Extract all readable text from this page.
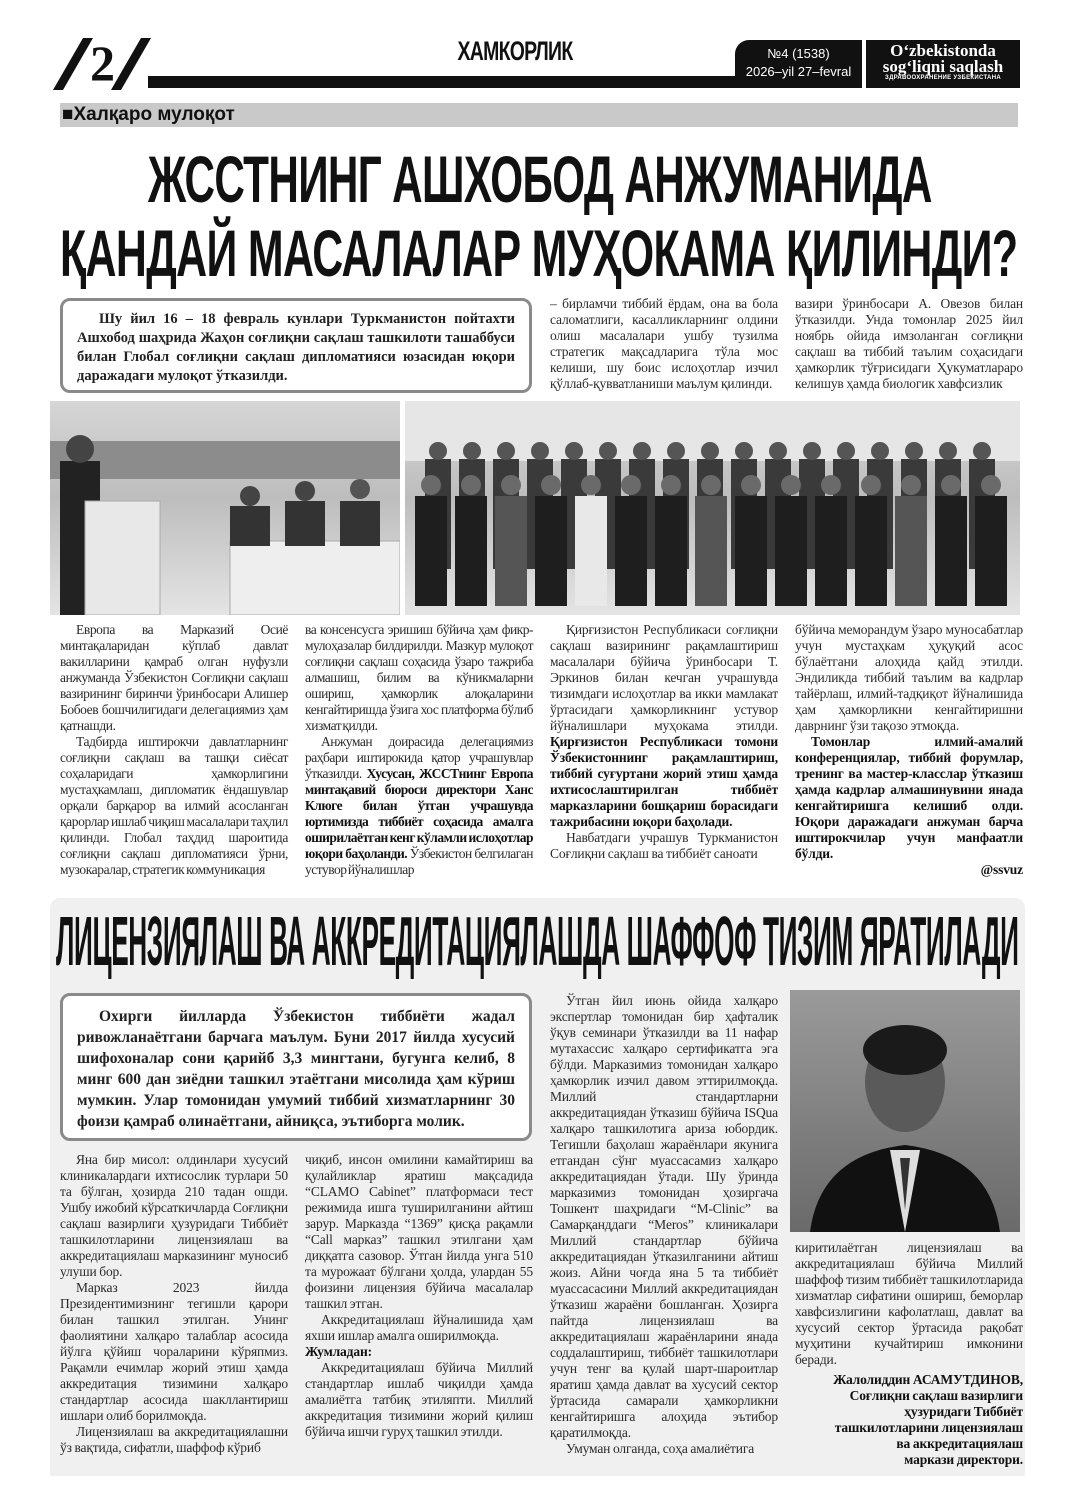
2	ХАМКОРЛИК	№4 (1538)
2026–yil 27–fevral
O‘zbekistonda
sog‘liqni saqlash
ЗДРАВООХРАНЕНИЕ УЗБЕКИСТАНА
■Халқаро мулоқот
ЖССТНИНГ АШХОБОД АНЖУМАНИДА
ҚАНДАЙ МАСАЛАЛАР МУҲОКАМА ҚИЛИНДИ?

Шу йил 16 – 18 февраль кунлари Туркманистон пойтахти Ашхобод шаҳрида Жаҳон соғлиқни сақлаш ташкилоти ташаббуси билан Глобал соғлиқни сақлаш дипломатияси юзасидан юқори даражадаги мулоқот ўтказилди.

– бирламчи тиббий ёрдам, она ва бола саломатлиги, касалликларнинг олдини олиш масалалари ушбу тузилма стратегик мақсадларига тўла мос келиши, шу боис ислоҳотлар изчил қўллаб-қувватланиши маълум қилинди.

вазири ўринбосари А. Овезов билан ўтказилди. Унда томонлар 2025 йил ноябрь ойида имзоланган соғлиқни сақлаш ва тиббий таълим соҳасидаги ҳамкорлик тўғрисидаги Ҳукуматлараро келишув ҳамда биологик хавфсизлик

Европа ва Марказий Осиё минтақаларидан кўплаб давлат вакилларини қамраб олган нуфузли анжуманда Ўзбекистон Соғлиқни сақлаш вазирининг биринчи ўринбосари Алишер Бобоев бошчилигидаги делегациямиз ҳам қатнашди.

Тадбирда иштирокчи давлатларнинг соғлиқни сақлаш ва ташқи сиёсат соҳаларидаги ҳамкорлигини мустаҳкамлаш, дипломатик ёндашувлар орқали барқарор ва илмий асосланган қарорлар ишлаб чиқиш масалалари таҳлил қилинди. Глобал таҳдид шароитида соғлиқни сақлаш дипломатияси ўрни, музокаралар, стратегик коммуникация

ва консенсусга эришиш бўйича ҳам фикр-мулоҳазалар билдирилди. Мазкур мулоқот соғлиқни сақлаш соҳасида ўзаро тажриба алмашиш, билим ва кўникмаларни ошириш, ҳамкорлик алоқаларини кенгайтиришда ўзига хос платформа бўлиб хизмат қилди.

Анжуман доирасида делегациямиз раҳбари иштирокида қатор учрашувлар ўтказилди. Хусусан, ЖССТнинг Европа минтақавий бюроси директори Ханс Клюге билан ўтган учрашувда юртимизда тиббиёт соҳасида амалга оширилаётган кенг кўламли ислоҳотлар юқори баҳоланди. Ўзбекистон белгилаган устувор йўналишлар

Қирғизистон Республикаси соғлиқни сақлаш вазирининг рақамлаштириш масалалари бўйича ўринбосари Т. Эркинов билан кечган учрашувда тизимдаги ислоҳотлар ва икки мамлакат ўртасидаги ҳамкорликнинг устувор йўналишлари муҳокама этилди. Қирғизистон Республикаси томони Ўзбекистоннинг рақамлаштириш, тиббий суғуртани жорий этиш ҳамда ихтисослаштирилган тиббиёт марказларини бошқариш борасидаги тажрибасини юқори баҳолади.

Навбатдаги учрашув Туркманистон Соғлиқни сақлаш ва тиббиёт саноати

бўйича меморандум ўзаро муносабатлар учун мустаҳкам ҳуқуқий асос бўлаётгани алоҳида қайд этилди. Эндиликда тиббий таълим ва кадрлар тайёрлаш, илмий-тадқиқот йўналишида ҳам ҳамкорликни кенгайтиришни даврнинг ўзи тақозо этмоқда.

Томонлар илмий-амалий конференциялар, тиббий форумлар, тренинг ва мастер-класслар ўтказиш ҳамда кадрлар алмашинувини янада кенгайтиришга келишиб олди. Юқори даражадаги анжуман барча иштирокчилар учун манфаатли бўлди.

@ssvuz
ЛИЦЕНЗИЯЛАШ ВА АККРЕДИТАЦИЯЛАШДА ШАФФОФ ТИЗИМ ЯРАТИЛАДИ

Охирги йилларда Ўзбекистон тиббиёти жадал ривожланаётгани барчага маълум. Буни 2017 йилда хусусий шифохоналар сони қарийб 3,3 мингтани, бугунга келиб, 8 минг 600 дан зиёдни ташкил этаётгани мисолида ҳам кўриш мумкин. Улар томонидан умумий тиббий хизматларнинг 30 фоизи қамраб олинаётгани, айниқса, эътиборга молик.

Ўтган йил июнь ойида халқаро экспертлар томонидан бир ҳафталик ўқув семинари ўтказилди ва 11 нафар мутахассис халқаро сертификатга эга бўлди. Марказимиз томонидан халқаро ҳамкорлик изчил давом эттирилмоқда. Миллий стандартларни аккредитациядан ўтказиш бўйича ISQua халқаро ташкилотига ариза юбордик. Тегишли баҳолаш жараёнлари якунига етгандан сўнг муассасамиз халқаро аккредитациядан ўтади. Шу ўринда марказимиз томонидан ҳозиргача Тошкент шаҳридаги “M-Clinic” ва Самарқанддаги “Meros” клиникалари Миллий стандартлар бўйича аккредитациядан ўтказилганини айтиш жоиз. Айни чоғда яна 5 та тиббиёт муассасасини Миллий аккредитациядан ўтказиш жараёни бошланган. Ҳозирга пайтда лицензиялаш ва аккредитациялаш жараёнларини янада соддалаштириш, тиббиёт ташкилотлари учун тенг ва қулай шарт-шароитлар яратиш ҳамда давлат ва хусусий сектор ўртасида самарали ҳамкорликни кенгайтиришга алоҳида эътибор қаратилмоқда.

Умуман олганда, соҳа амалиётига

Яна бир мисол: олдинлари хусусий клиникалардаги ихтисослик турлари 50 та бўлган, ҳозирда 210 тадан ошди. Ушбу ижобий кўрсаткичларда Соғлиқни сақлаш вазирлиги ҳузуридаги Тиббиёт ташкилотларини лицензиялаш ва аккредитациялаш марказининг муносиб улуши бор.

Марказ 2023 йилда Президентимизнинг тегишли қарори билан ташкил этилган. Унинг фаолиятини халқаро талаблар асосида йўлга қўйиш чораларини кўряпмиз. Рақамли ечимлар жорий этиш ҳамда аккредитация тизимини халқаро стандартлар асосида шакллантириш ишлари олиб борилмоқда.

Лицензиялаш ва аккредитациялашни ўз вақтида, сифатли, шаффоф кўриб

чиқиб, инсон омилини камайтириш ва қулайликлар яратиш мақсадида “CLAMO Cabinet” платформаси тест режимида ишга туширилганини айтиш зарур. Марказда “1369” қисқа рақамли “Call марказ” ташкил этилгани ҳам диққатга сазовор. Ўтган йилда унга 510 та мурожаат бўлгани ҳолда, улардан 55 фоизини лицензия бўйича масалалар ташкил этган.

Аккредитациялаш йўналишида ҳам яхши ишлар амалга оширилмоқда.

Жумладан:

Аккредитациялаш бўйича Миллий стандартлар ишлаб чиқилди ҳамда амалиётга татбиқ этиляпти. Миллий аккредитация тизимини жорий қилиш бўйича ишчи гуруҳ ташкил этилди.

киритилаётган лицензиялаш ва аккредитациялаш бўйича Миллий шаффоф тизим тиббиёт ташкилотларида хизматлар сифатини ошириш, беморлар хавфсизлигини кафолатлаш, давлат ва хусусий сектор ўртасида рақобат муҳитини кучайтириш имконини беради.

Жалолиддин АСАМУТДИНОВ,
Соғлиқни сақлаш вазирлиги
ҳузуридаги Тиббиёт
ташкилотларини лицензиялаш
ва аккредитациялаш
маркази директори.
